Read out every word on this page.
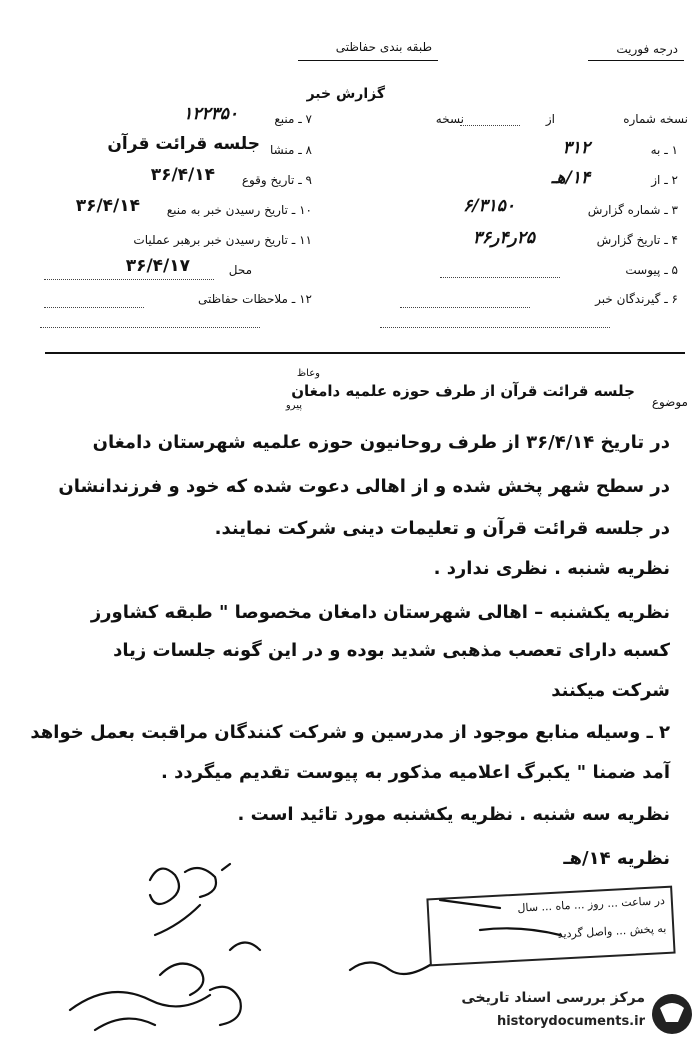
درجه فوریت
طبقه بندی حفاظتی
گزارش خبر
نسخه شماره
از
نسخه
۱ ـ به
۳۱۲
۲ ـ از
۱۴/هـ
۳ ـ شماره گزارش
۶/۳۱۵۰
۴ ـ تاریخ گزارش
۲۵ر۴ر۳۶
۵ ـ پیوست
۶ ـ گیرندگان خبر
۷ ـ منبع
۱۲۲۳۵۰
۸ ـ منشا
جلسه قرائت قرآن
۹ ـ تاریخ وقوع
۳۶/۴/۱۴
۱۰ ـ تاریخ رسیدن خبر به منبع
۳۶/۴/۱۴
۱۱ ـ تاریخ رسیدن خبر برهبر عملیات
محل
۳۶/۴/۱۷
۱۲ ـ ملاحظات حفاظتی
موضوع
جلسه قرائت قرآن از طرف حوزه علمیه دامغان
وعاظ
پیرو
در تاریخ ۳۶/۴/۱۴ از طرف روحانیون حوزه علمیه شهرستان دامغان
در سطح شهر پخش شده و از اهالی دعوت شده که خود و فرزندانشان
در جلسه قرائت قرآن و تعلیمات دینی شرکت نمایند.
نظریه شنبه . نظری ندارد .
نظریه یکشنبه – اهالی شهرستان دامغان مخصوصا " طبقه کشاورز
کسبه دارای تعصب مذهبی شدید بوده و در این گونه جلسات زیاد
شرکت میکنند
۲ ـ وسیله منابع موجود از مدرسین و شرکت کنندگان مراقبت بعمل خواهد
آمد ضمنا " یکبرگ اعلامیه مذکور به پیوست تقدیم میگردد .
نظریه سه شنبه . نظریه یکشنبه مورد تائید است .
نظریه ۱۴/هـ
در ساعت ... روز ... ماه ... سال
به پخش ... واصل گردید
مرکز بررسی اسناد تاریخی
historydocuments.ir
